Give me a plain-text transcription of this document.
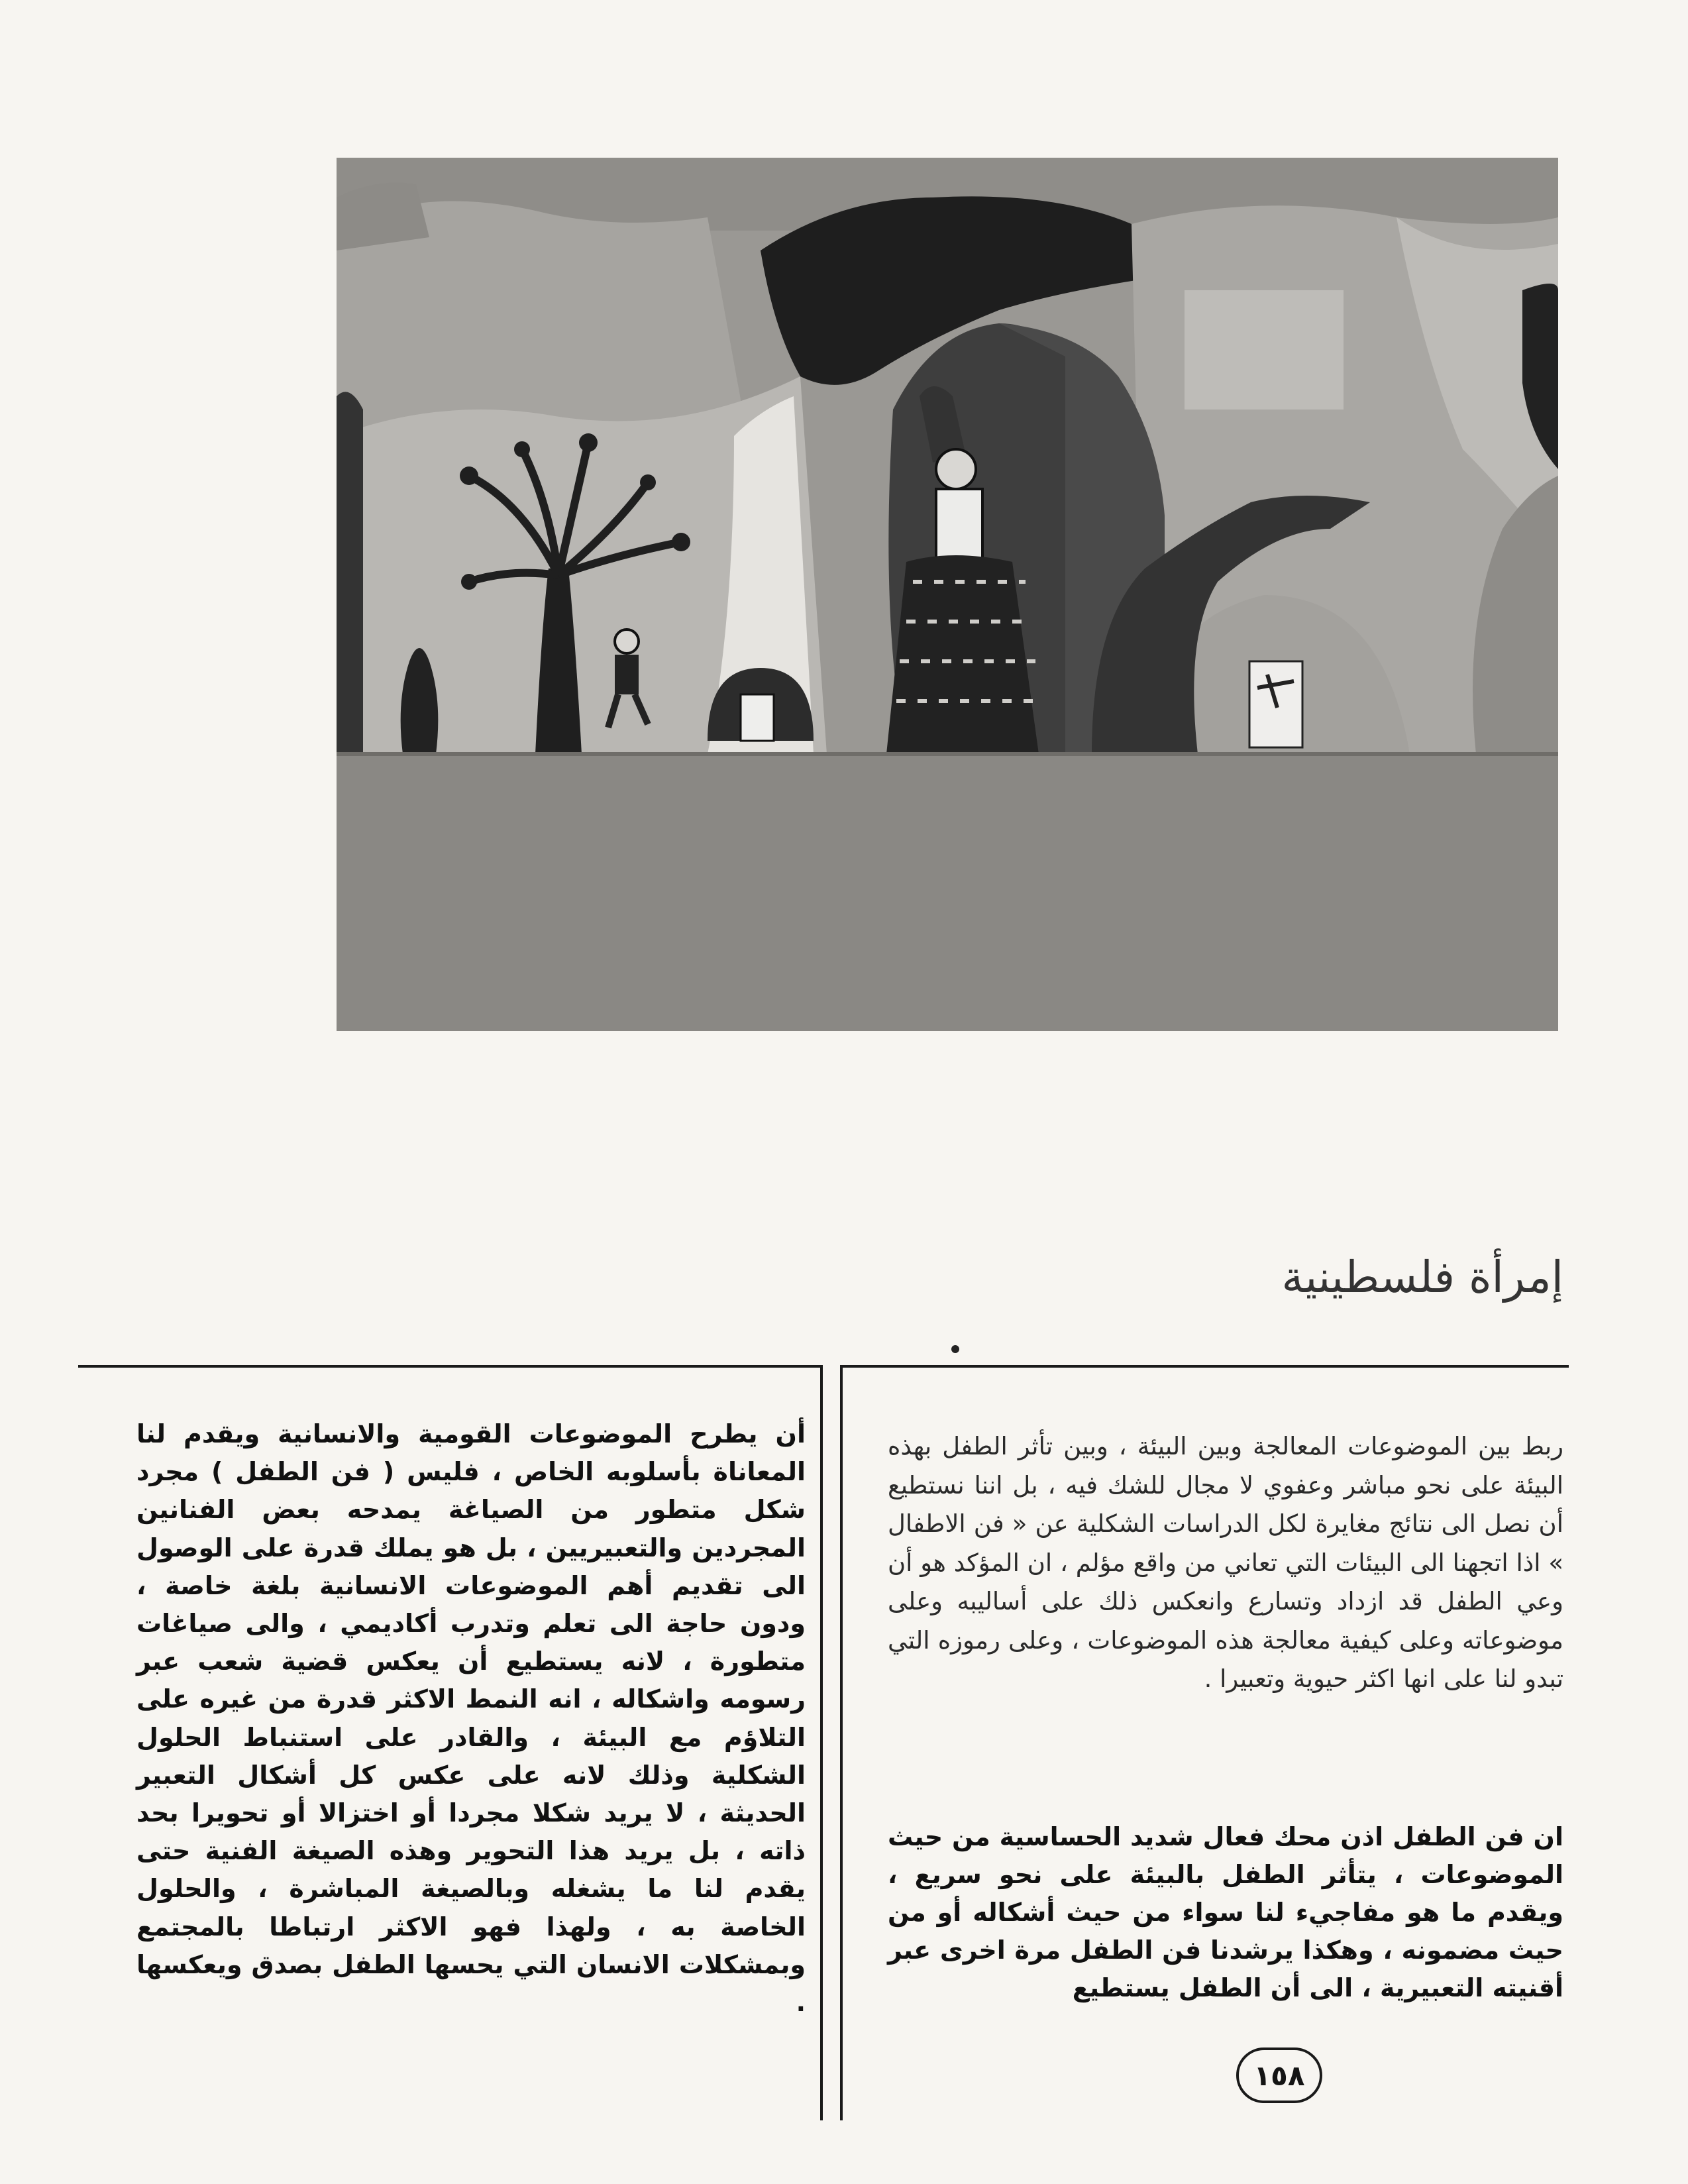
إمرأة فلسطينية
ربط بين الموضوعات المعالجة وبين البيئة ، وبين تأثر الطفل بهذه البيئة على نحو مباشر وعفوي لا مجال للشك فيه ، بل اننا نستطيع أن نصل الى نتائج مغايرة لكل الدراسات الشكلية عن « فن الاطفال » اذا اتجهنا الى البيئات التي تعاني من واقع مؤلم ، ان المؤكد هو أن وعي الطفل قد ازداد وتسارع وانعكس ذلك على أساليبه وعلى موضوعاته وعلى كيفية معالجة هذه الموضوعات ، وعلى رموزه التي تبدو لنا على انها اكثر حيوية وتعبيرا .
ان فن الطفل اذن محك فعال شديد الحساسية من حيث الموضوعات ، يتأثر الطفل بالبيئة على نحو سريع ، ويقدم ما هو مفاجيء لنا سواء من حيث أشكاله أو من حيث مضمونه ، وهكذا يرشدنا فن الطفل مرة اخرى عبر أقنيته التعبيرية ، الى أن الطفل يستطيع
أن يطرح الموضوعات القومية والانسانية ويقدم لنا المعاناة بأسلوبه الخاص ، فليس ( فن الطفل ) مجرد شكل متطور من الصياغة يمدحه بعض الفنانين المجردين والتعبيريين ، بل هو يملك قدرة على الوصول الى تقديم أهم الموضوعات الانسانية بلغة خاصة ، ودون حاجة الى تعلم وتدرب أكاديمي ، والى صياغات متطورة ، لانه يستطيع أن يعكس قضية شعب عبر رسومه واشكاله ، انه النمط الاكثر قدرة من غيره على التلاؤم مع البيئة ، والقادر على استنباط الحلول الشكلية وذلك لانه على عكس كل أشكال التعبير الحديثة ، لا يريد شكلا مجردا أو اختزالا أو تحويرا بحد ذاته ، بل يريد هذا التحوير وهذه الصيغة الفنية حتى يقدم لنا ما يشغله وبالصيغة المباشرة ، والحلول الخاصة به ، ولهذا فهو الاكثر ارتباطا بالمجتمع وبمشكلات الانسان التي يحسها الطفل بصدق ويعكسها .
١٥٨
